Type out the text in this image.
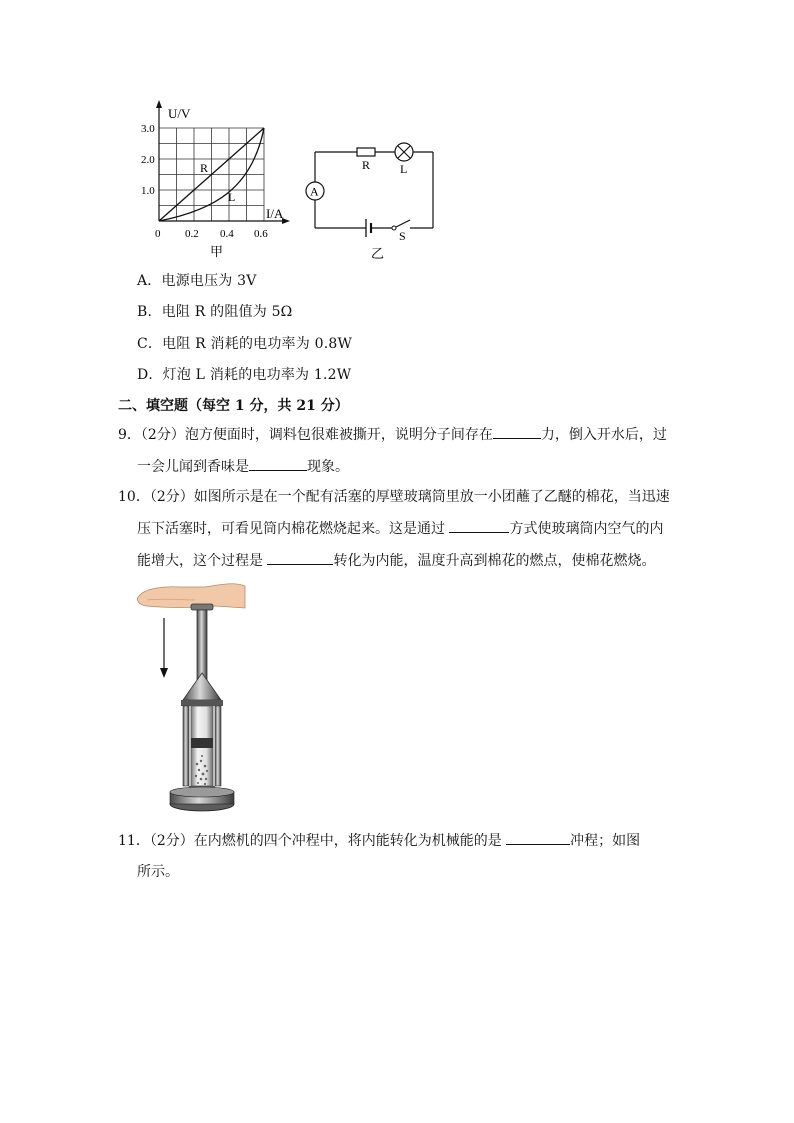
U/V
I/A
3.0
2.0
1.0
0 0.2 0.4 0.6
R
L
甲
A
R L
S
乙
A．电源电压为 3V
B．电阻 R 的阻值为 5Ω
C．电阻 R 消耗的电功率为 0.8W
D．灯泡 L 消耗的电功率为 1.2W
二、填空题（每空 1 分，共 21 分）
9．（2分）泡方便面时，调料包很难被撕开，说明分子间存在	力，倒入开水后，过
一会儿闻到香味是	现象。
10．（2分）如图所示是在一个配有活塞的厚壁玻璃筒里放一小团蘸了乙醚的棉花，当迅速
压下活塞时，可看见筒内棉花燃烧起来。这是通过	方式使玻璃筒内空气的内
能增大，这个过程是	转化为内能，温度升高到棉花的燃点，使棉花燃烧。
11．（2分）在内燃机的四个冲程中，将内能转化为机械能的是	冲程；如图
所示。
